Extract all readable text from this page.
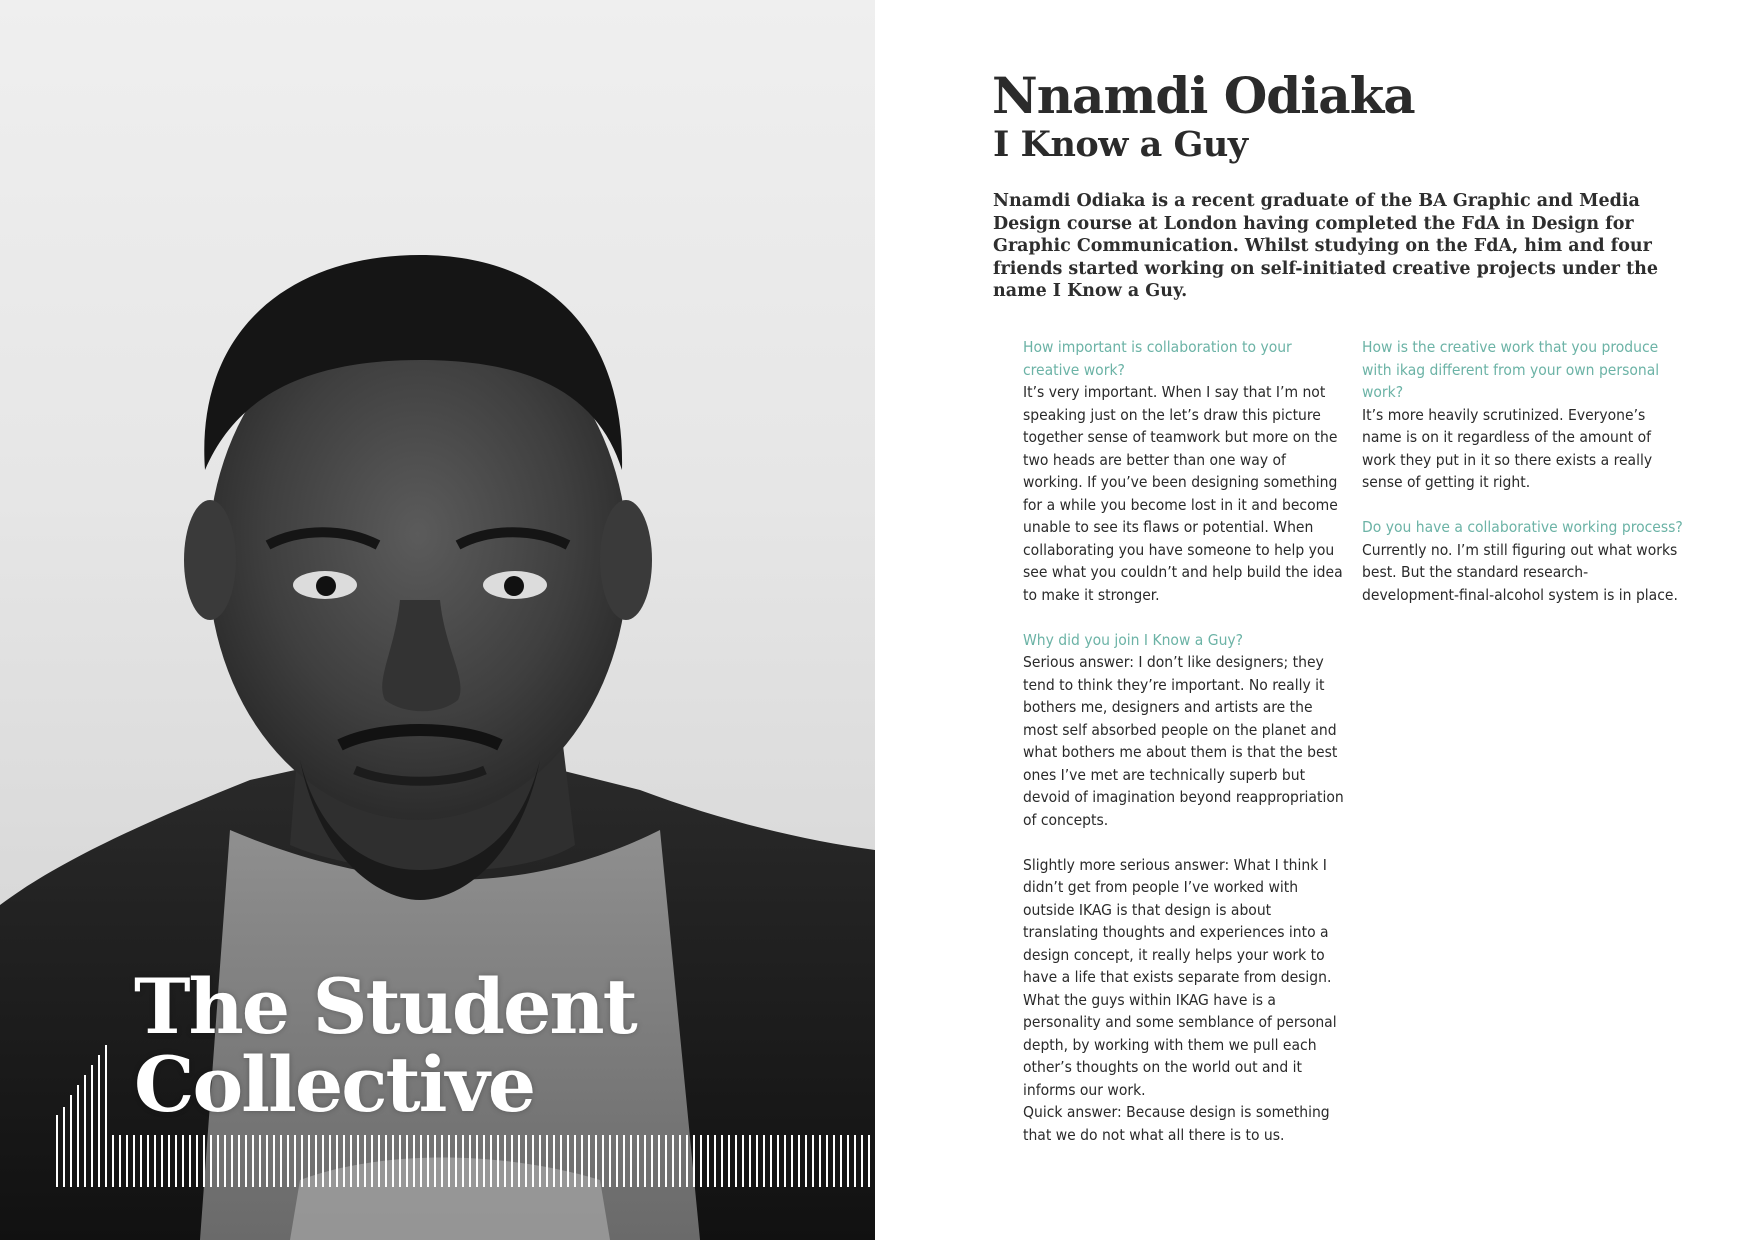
The Student
Collective
Nnamdi Odiaka
I Know a Guy

Nnamdi Odiaka is a recent graduate of the BA Graphic and Media Design course at London having completed the FdA in Design for Graphic Communication. Whilst studying on the FdA, him and four friends started working on self-initiated creative projects under the name I Know a Guy.

How important is collaboration to your creative work?

It’s very important. When I say that I’m not speaking just on the let’s draw this picture together sense of teamwork but more on the two heads are better than one way of working. If you’ve been designing something for a while you become lost in it and become unable to see its flaws or potential. When collaborating you have someone to help you see what you couldn’t and help build the idea to make it stronger.

Why did you join I Know a Guy?

Serious answer: I don’t like designers; they tend to think they’re important. No really it bothers me, designers and artists are the most self absorbed people on the planet and what bothers me about them is that the best ones I’ve met are technically superb but devoid of imagination beyond reappropriation of concepts.

Slightly more serious answer: What I think I didn’t get from people I’ve worked with outside IKAG is that design is about translating thoughts and experiences into a design concept, it really helps your work to have a life that exists separate from design. What the guys within IKAG have is a personality and some semblance of personal depth, by working with them we pull each other’s thoughts on the world out and it informs our work.
Quick answer: Because design is something that we do not what all there is to us.

How is the creative work that you produce with ikag different from your own personal work?

It’s more heavily scrutinized. Everyone’s name is on it regardless of the amount of work they put in it so there exists a really sense of getting it right.

Do you have a collaborative working process?

Currently no. I’m still figuring out what works best. But the standard research-development-final-alcohol system is in place.
